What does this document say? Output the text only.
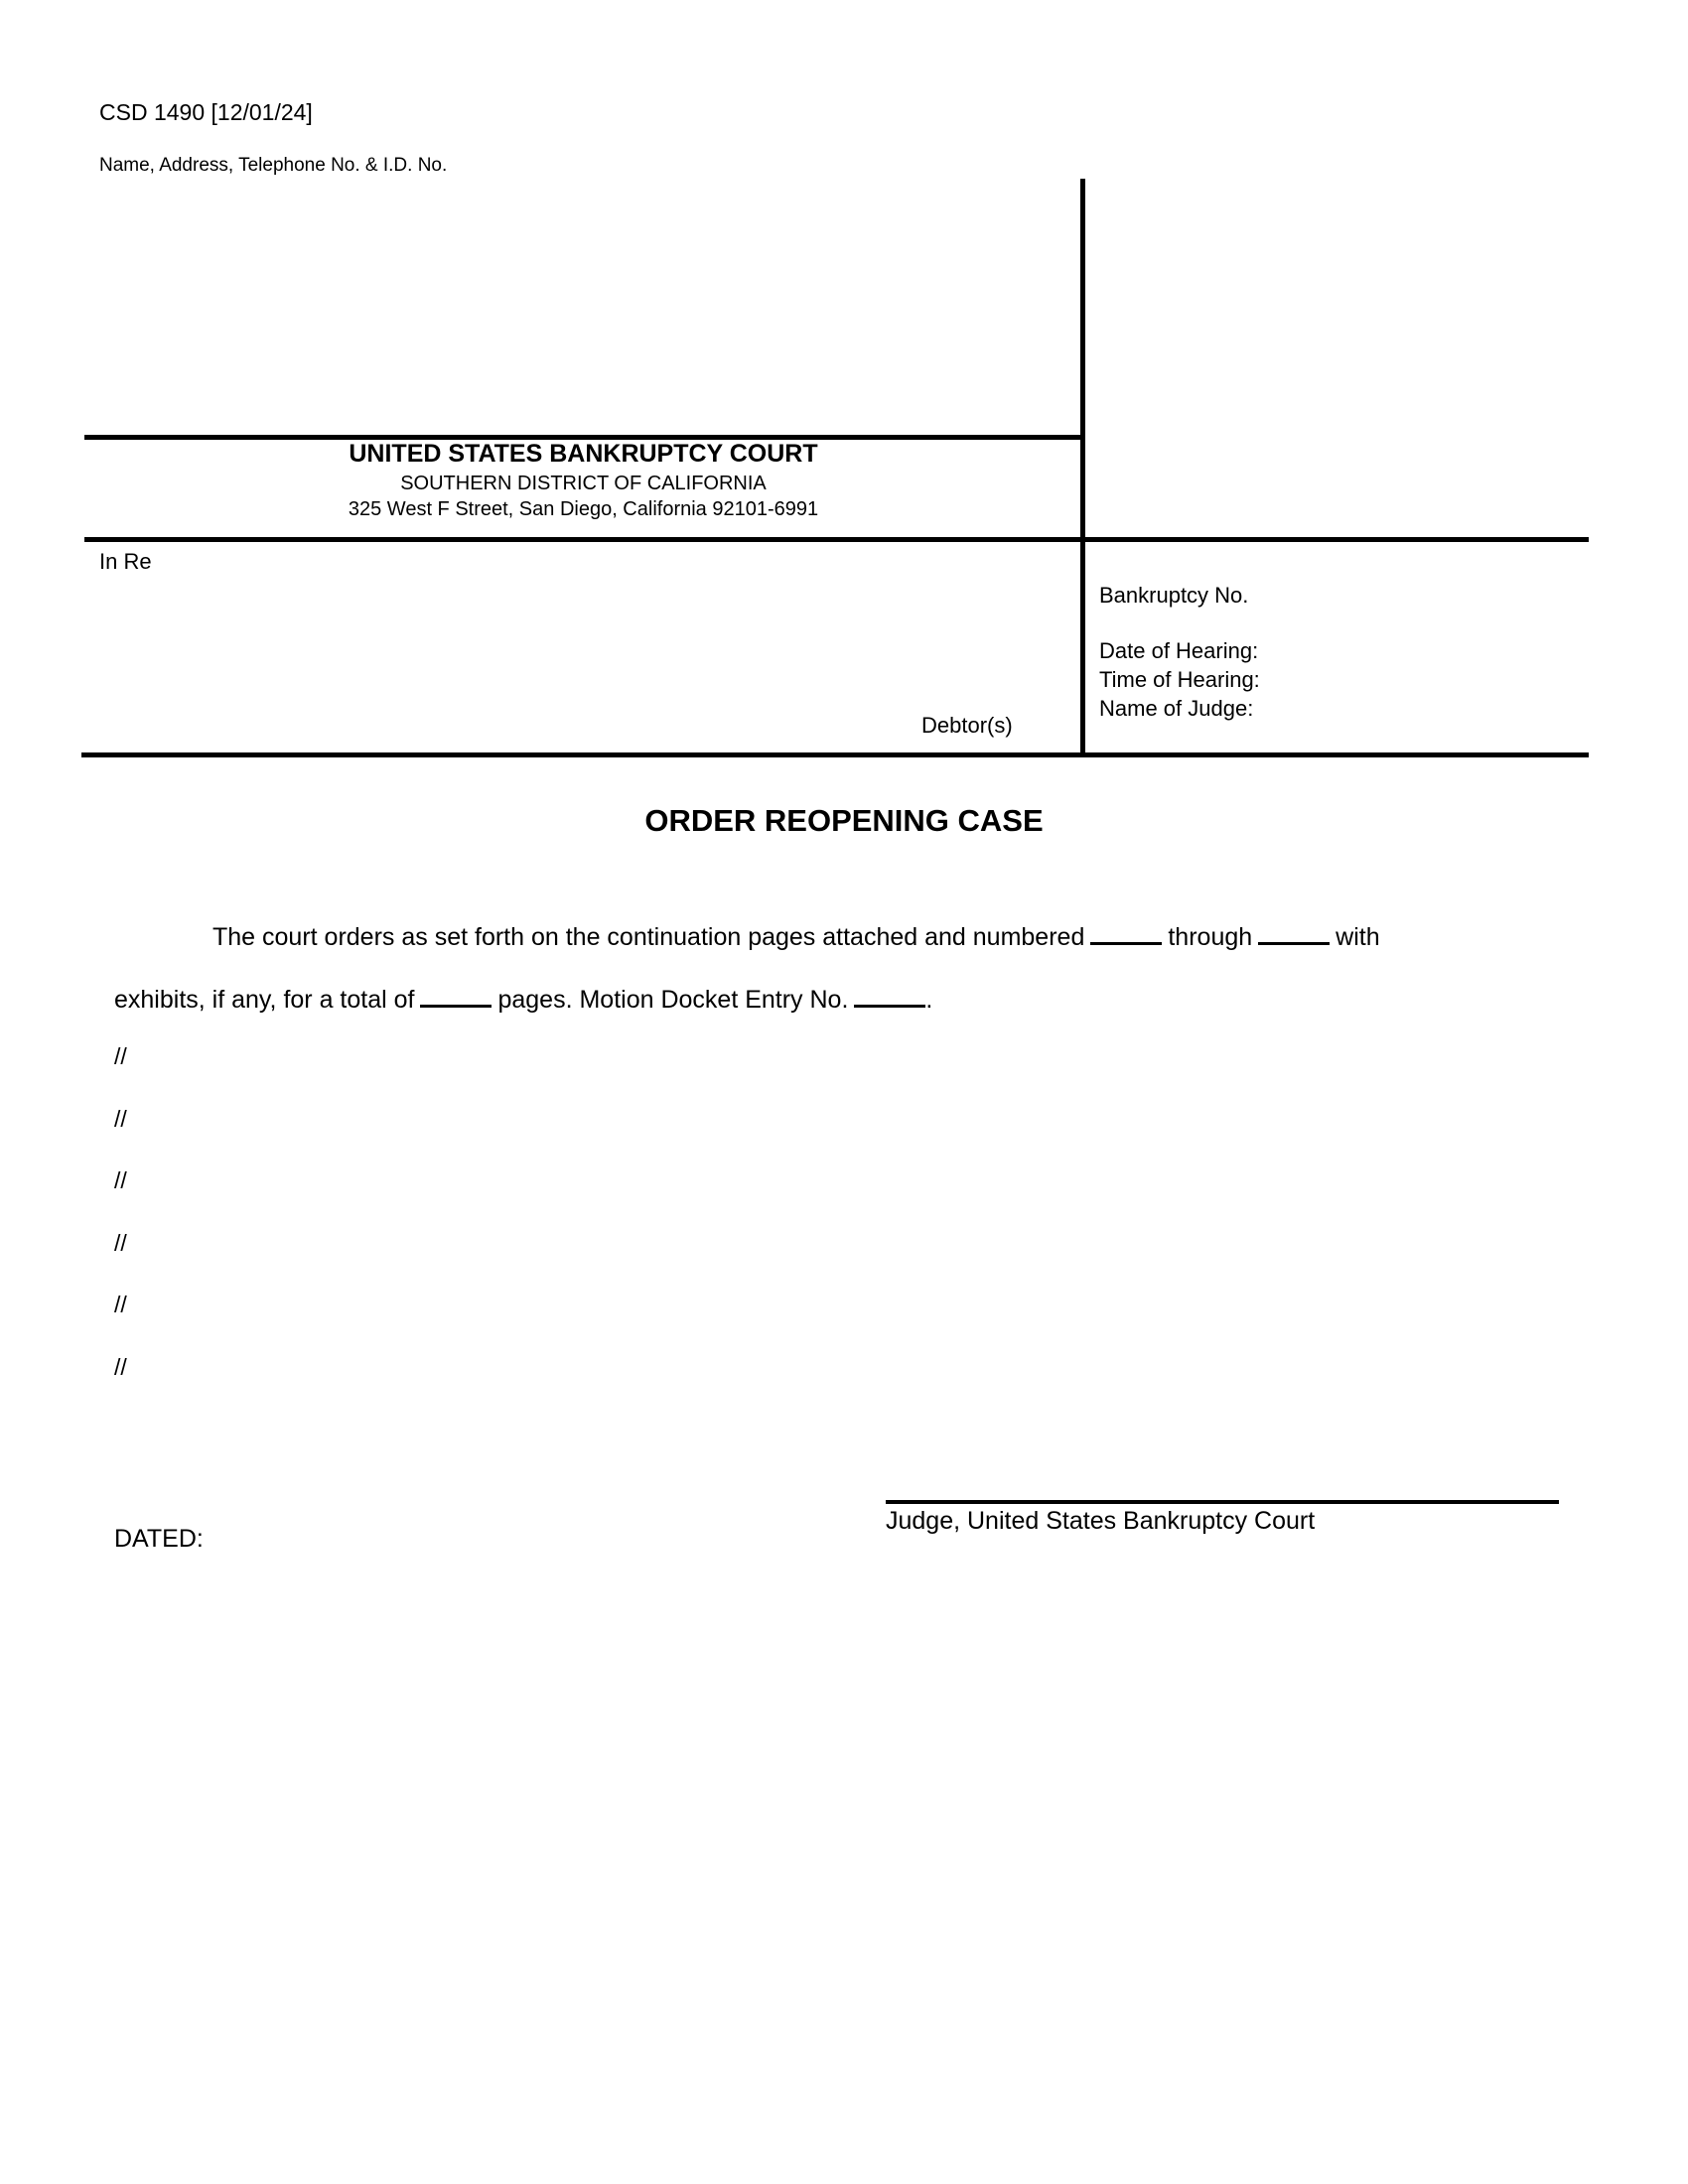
CSD 1490 [12/01/24]
Name, Address, Telephone No. & I.D. No.
UNITED STATES BANKRUPTCY COURT
SOUTHERN DISTRICT OF CALIFORNIA
325 West F Street, San Diego, California 92101-6991
In Re
Debtor(s)
Bankruptcy No.
Date of Hearing:
Time of Hearing:
Name of Judge:
ORDER REOPENING CASE
The court orders as set forth on the continuation pages attached and numbered	through	with
exhibits, if any, for a total of	pages. Motion Docket Entry No.	.
//
//
//
//
//
//
Judge, United States Bankruptcy Court
DATED:
